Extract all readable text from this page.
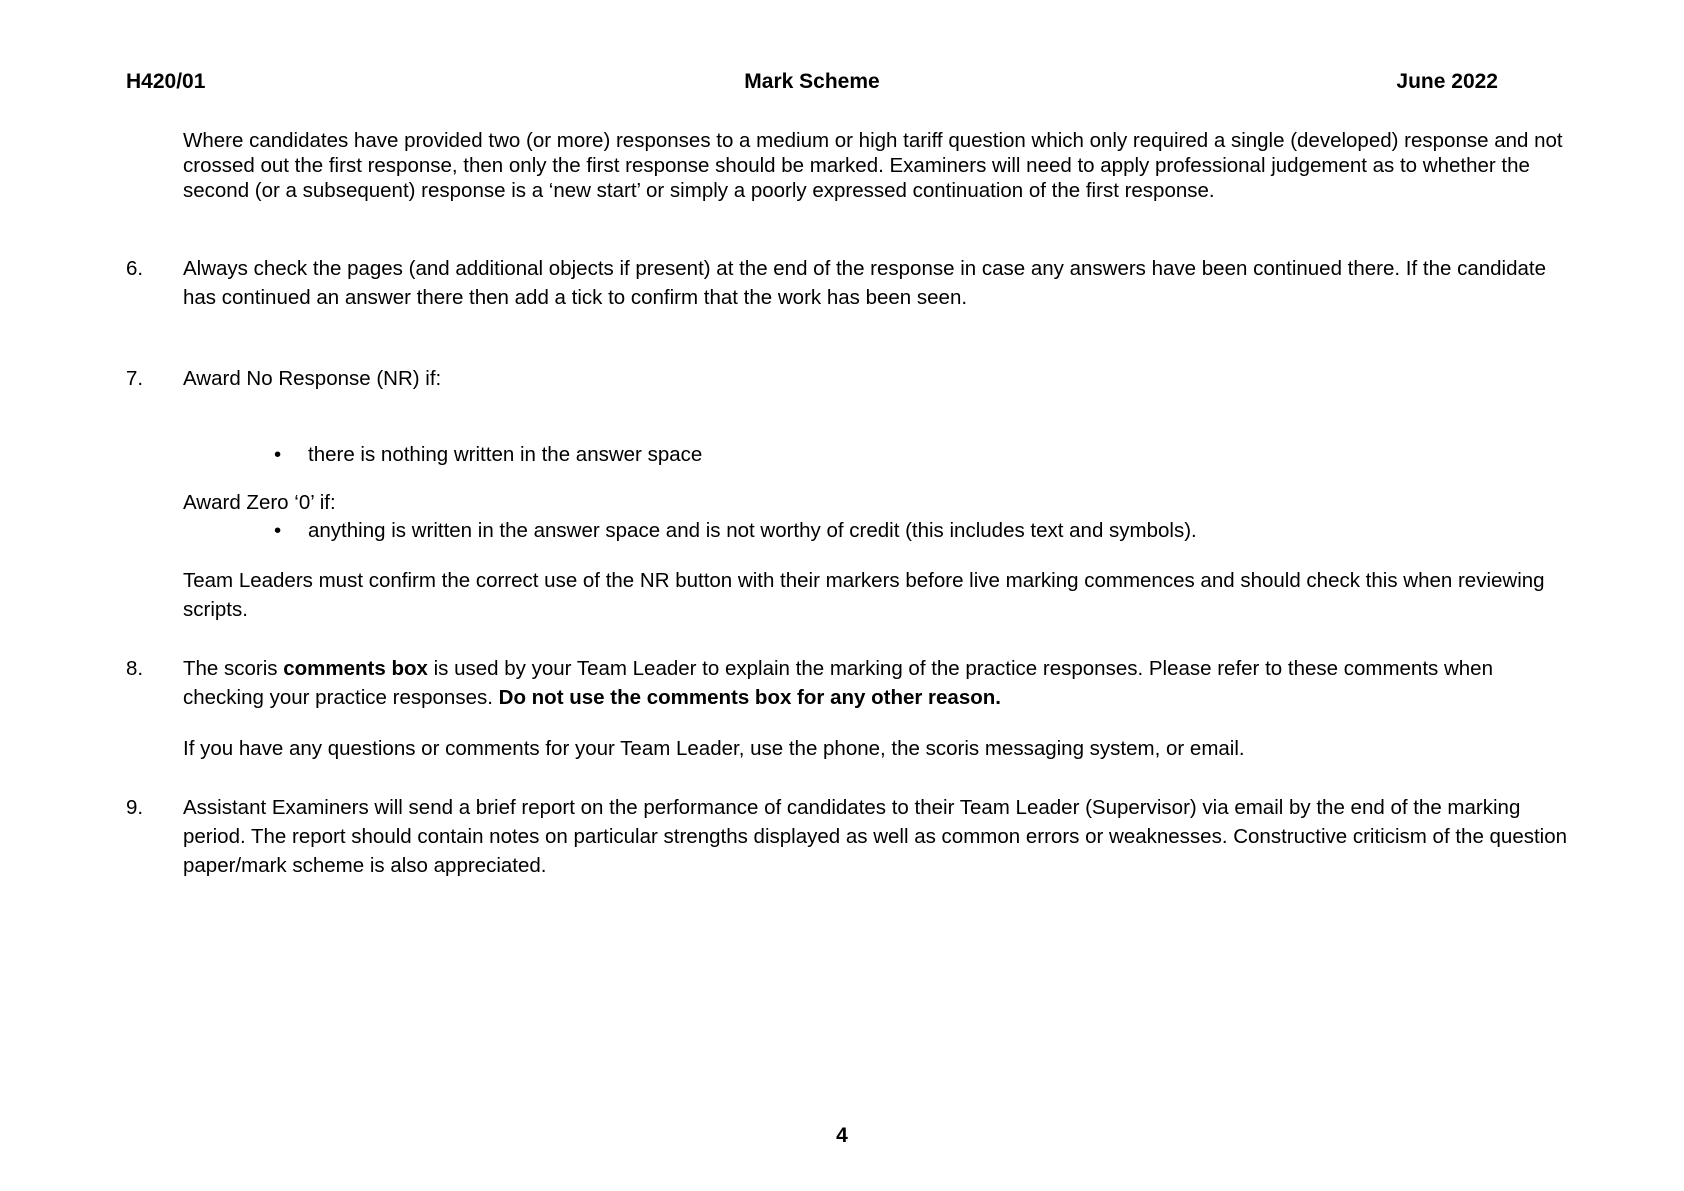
H420/01	Mark Scheme	June 2022
Where candidates have provided two (or more) responses to a medium or high tariff question which only required a single (developed) response and not crossed out the first response, then only the first response should be marked. Examiners will need to apply professional judgement as to whether the second (or a subsequent) response is a ‘new start’ or simply a poorly expressed continuation of the first response.
6. Always check the pages (and additional objects if present) at the end of the response in case any answers have been continued there. If the candidate has continued an answer there then add a tick to confirm that the work has been seen.
7. Award No Response (NR) if:
• there is nothing written in the answer space
Award Zero ‘0’ if:
• anything is written in the answer space and is not worthy of credit (this includes text and symbols).
Team Leaders must confirm the correct use of the NR button with their markers before live marking commences and should check this when reviewing scripts.
8. The scoris comments box is used by your Team Leader to explain the marking of the practice responses. Please refer to these comments when checking your practice responses. Do not use the comments box for any other reason.
If you have any questions or comments for your Team Leader, use the phone, the scoris messaging system, or email.
9. Assistant Examiners will send a brief report on the performance of candidates to their Team Leader (Supervisor) via email by the end of the marking period. The report should contain notes on particular strengths displayed as well as common errors or weaknesses. Constructive criticism of the question paper/mark scheme is also appreciated.
4
